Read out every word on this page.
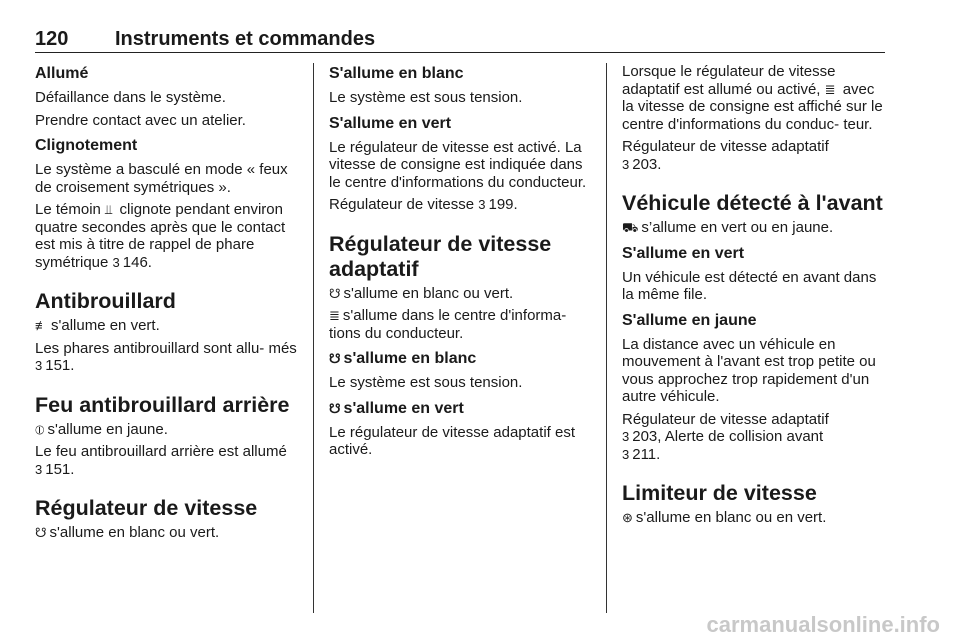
120 Instruments et commandes
Allumé

Défaillance dans le système.

Prendre contact avec un atelier.

Clignotement

Le système a basculé en mode « feux de croisement symétriques ».

Le témoin ⫫ clignote pendant environ quatre secondes après que le contact est mis à titre de rappel de phare symétrique 3 146.

Antibrouillard

≢ s'allume en vert.

Les phares antibrouillard sont allu- més 3 151.

Feu antibrouillard arrière

⦶ s'allume en jaune.

Le feu antibrouillard arrière est allumé 3 151.

Régulateur de vitesse

☋ s'allume en blanc ou vert.

S'allume en blanc

Le système est sous tension.

S'allume en vert

Le régulateur de vitesse est activé. La vitesse de consigne est indiquée dans le centre d'informations du conducteur.

Régulateur de vitesse 3 199.

Régulateur de vitesse adaptatif

☋ s'allume en blanc ou vert.

≣ s'allume dans le centre d'informa- tions du conducteur.

☋ s'allume en blanc

Le système est sous tension.

☋ s'allume en vert

Le régulateur de vitesse adaptatif est activé.

Lorsque le régulateur de vitesse adaptatif est allumé ou activé, ≣ avec la vitesse de consigne est affiché sur le centre d'informations du conduc- teur.

Régulateur de vitesse adaptatif
3 203.

Véhicule détecté à l'avant

⛟ s’allume en vert ou en jaune.

S'allume en vert

Un véhicule est détecté en avant dans la même file.

S'allume en jaune

La distance avec un véhicule en mouvement à l'avant est trop petite ou vous approchez trop rapidement d'un autre véhicule.

Régulateur de vitesse adaptatif
3 203, Alerte de collision avant
3 211.

Limiteur de vitesse

⊛ s'allume en blanc ou en vert.

carmanualsonline.info
